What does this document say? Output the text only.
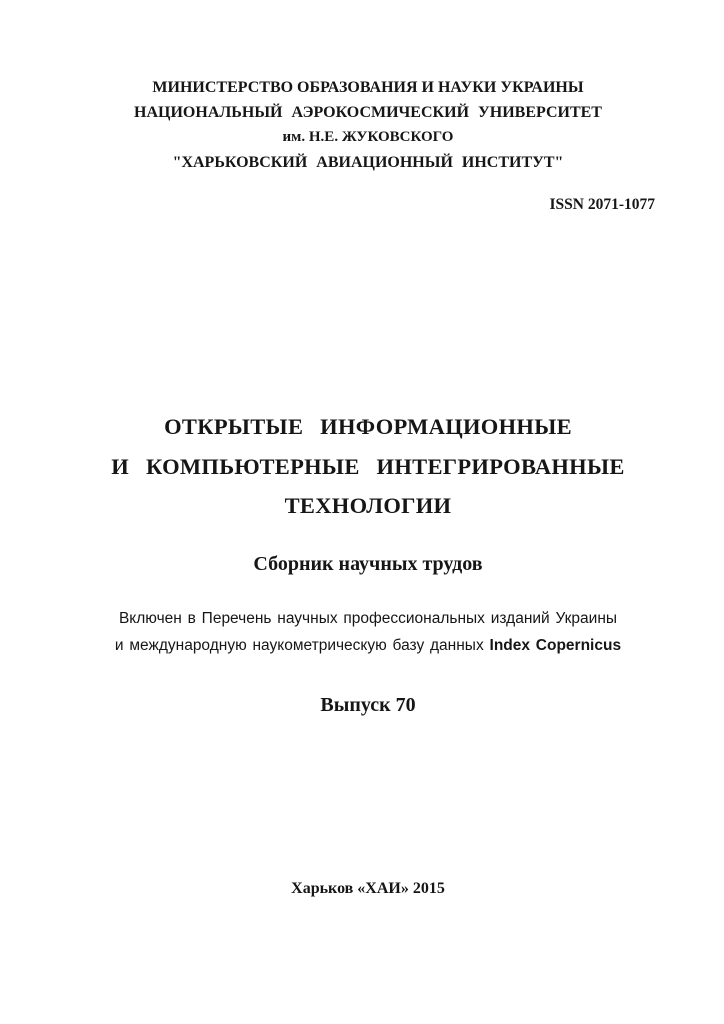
МИНИСТЕРСТВО ОБРАЗОВАНИЯ И НАУКИ УКРАИНЫ
НАЦИОНАЛЬНЫЙ АЭРОКОСМИЧЕСКИЙ УНИВЕРСИТЕТ
им. Н.Е. ЖУКОВСКОГО
"ХАРЬКОВСКИЙ АВИАЦИОННЫЙ ИНСТИТУТ"
ISSN 2071-1077
ОТКРЫТЫЕ ИНФОРМАЦИОННЫЕ
И КОМПЬЮТЕРНЫЕ ИНТЕГРИРОВАННЫЕ
ТЕХНОЛОГИИ
Сборник научных трудов
Включен в Перечень научных профессиональных изданий Украины
и международную наукометрическую базу данных Index Copernicus
Выпуск 70
Харьков «ХАИ» 2015
